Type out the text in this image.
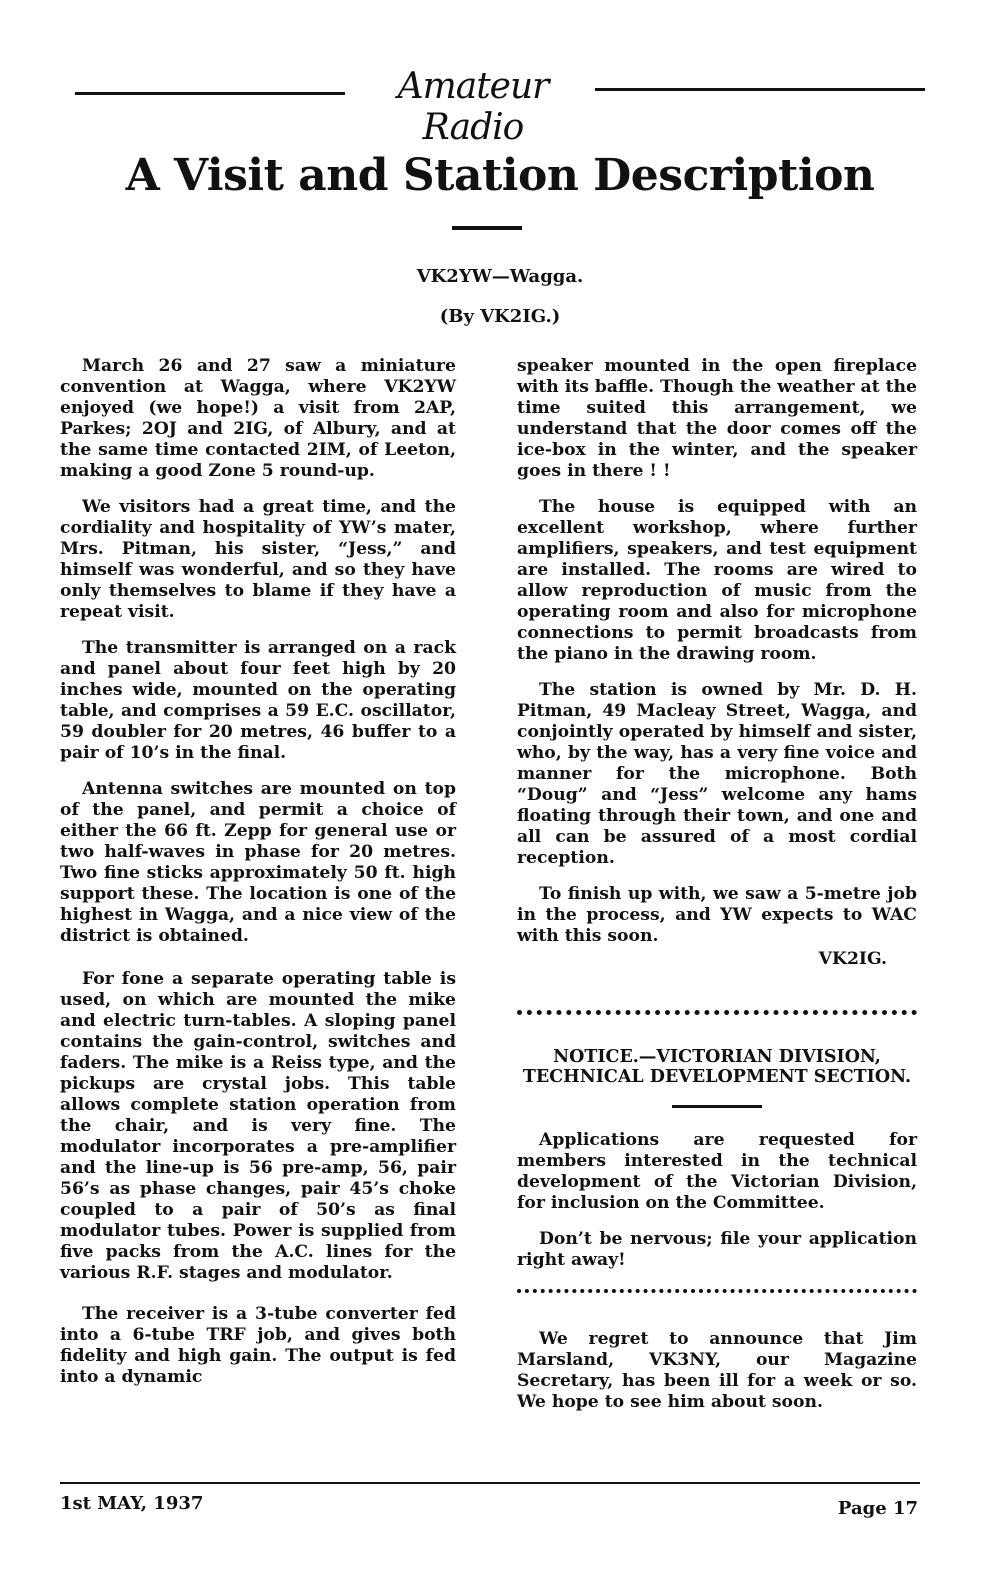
Amateur Radio
A Visit and Station Description

VK2YW—Wagga.

(By VK2IG.)

March 26 and 27 saw a miniature convention at Wagga, where VK2YW enjoyed (we hope!) a visit from 2AP, Parkes; 2OJ and 2IG, of Albury, and at the same time contacted 2IM, of Leeton, making a good Zone 5 round-up.

We visitors had a great time, and the cordiality and hospitality of YW’s mater, Mrs. Pitman, his sister, “Jess,” and himself was wonderful, and so they have only themselves to blame if they have a repeat visit.

The transmitter is arranged on a rack and panel about four feet high by 20 inches wide, mounted on the operating table, and comprises a 59 E.C. oscillator, 59 doubler for 20 metres, 46 buffer to a pair of 10’s in the final.

Antenna switches are mounted on top of the panel, and permit a choice of either the 66 ft. Zepp for general use or two half-waves in phase for 20 metres. Two fine sticks approximately 50 ft. high support these. The location is one of the highest in Wagga, and a nice view of the district is obtained.

For fone a separate operating table is used, on which are mounted the mike and electric turn-tables. A sloping panel contains the gain-control, switches and faders. The mike is a Reiss type, and the pickups are crystal jobs. This table allows complete station operation from the chair, and is very fine. The modulator incorporates a pre-amplifier and the line-up is 56 pre-amp, 56, pair 56’s as phase changes, pair 45’s choke coupled to a pair of 50’s as final modulator tubes. Power is supplied from five packs from the A.C. lines for the various R.F. stages and modulator.

The receiver is a 3-tube converter fed into a 6-tube TRF job, and gives both fidelity and high gain. The output is fed into a dynamic

speaker mounted in the open fireplace with its baffle. Though the weather at the time suited this arrangement, we understand that the door comes off the ice-box in the winter, and the speaker goes in there ! !

The house is equipped with an excellent workshop, where further amplifiers, speakers, and test equipment are installed. The rooms are wired to allow reproduction of music from the operating room and also for microphone connections to permit broadcasts from the piano in the drawing room.

The station is owned by Mr. D. H. Pitman, 49 Macleay Street, Wagga, and conjointly operated by himself and sister, who, by the way, has a very fine voice and manner for the microphone. Both “Doug” and “Jess” welcome any hams floating through their town, and one and all can be assured of a most cordial reception.

To finish up with, we saw a 5-metre job in the process, and YW expects to WAC with this soon.

VK2IG.

NOTICE.—VICTORIAN DIVISION, TECHNICAL DEVELOPMENT SECTION.

Applications are requested for members interested in the technical development of the Victorian Division, for inclusion on the Committee.

Don’t be nervous; file your application right away!

We regret to announce that Jim Marsland, VK3NY, our Magazine Secretary, has been ill for a week or so. We hope to see him about soon.

1st MAY, 1937	Page 17
